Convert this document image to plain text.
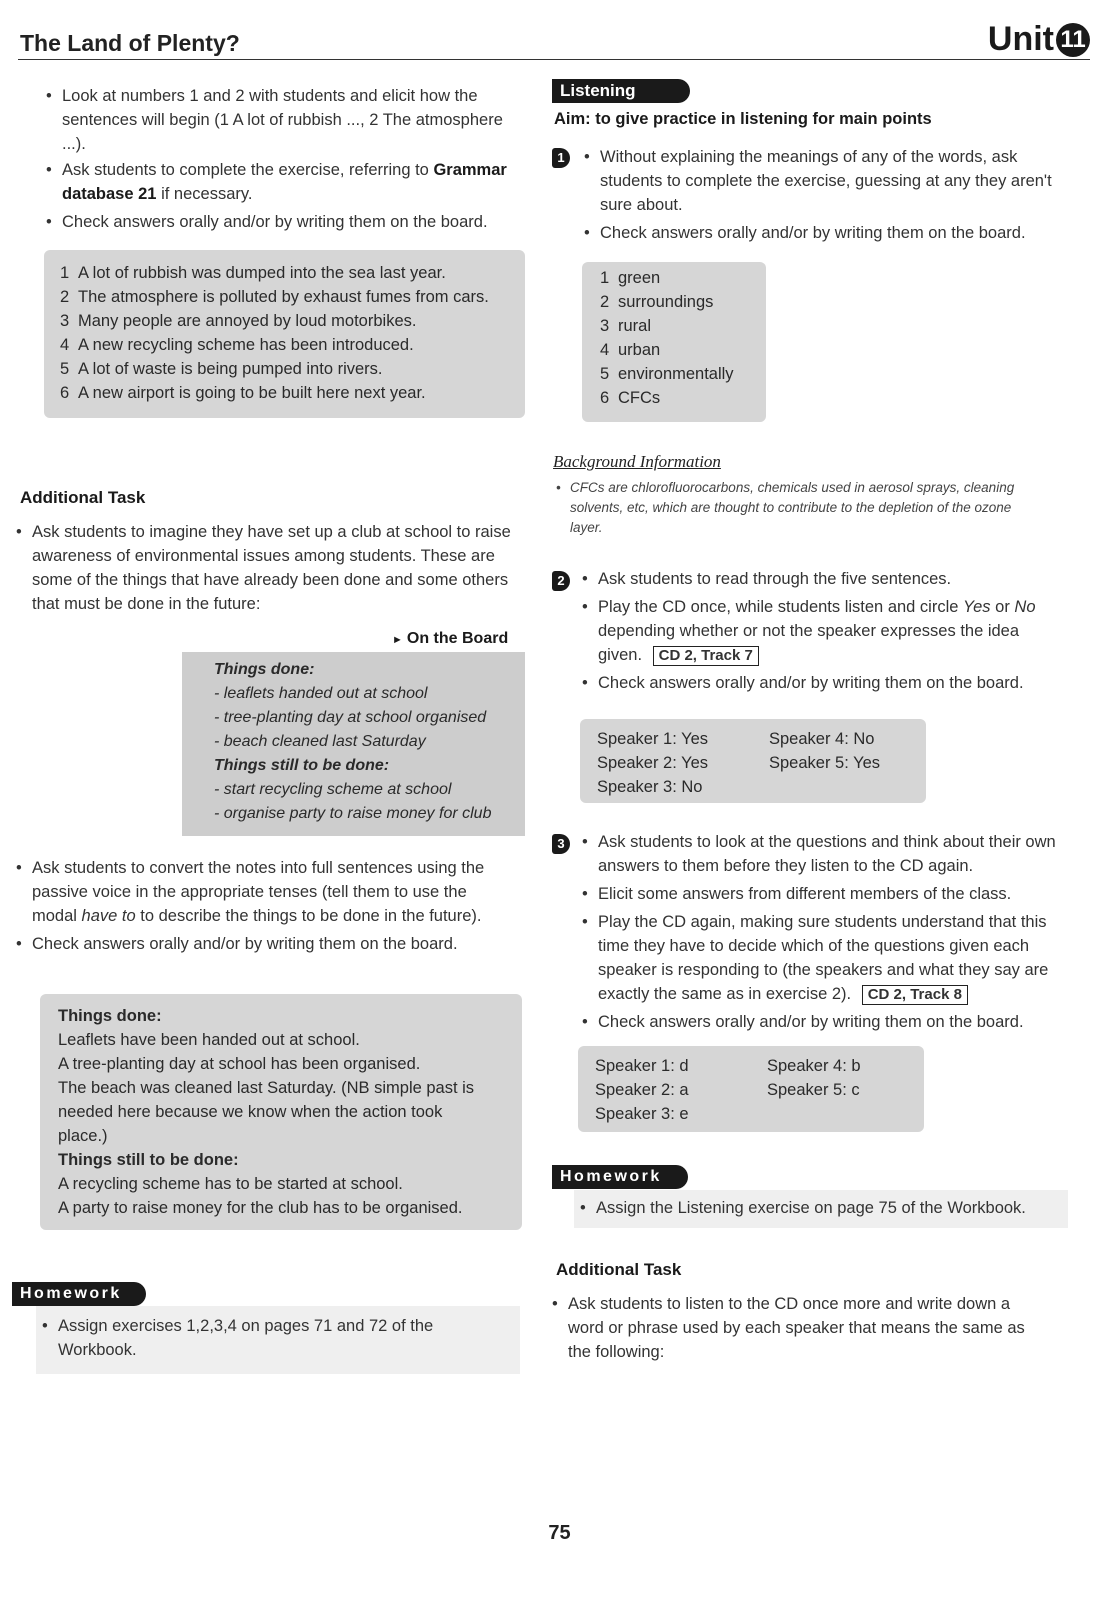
The Land of Plenty?	Unit 11
• Look at numbers 1 and 2 with students and elicit how the sentences will begin (1 A lot of rubbish ..., 2 The atmosphere ...).
• Ask students to complete the exercise, referring to Grammar database 21 if necessary.
• Check answers orally and/or by writing them on the board.
1 A lot of rubbish was dumped into the sea last year.
2 The atmosphere is polluted by exhaust fumes from cars.
3 Many people are annoyed by loud motorbikes.
4 A new recycling scheme has been introduced.
5 A lot of waste is being pumped into rivers.
6 A new airport is going to be built here next year.
Additional Task
• Ask students to imagine they have set up a club at school to raise awareness of environmental issues among students. These are some of the things that have already been done and some others that must be done in the future:
► On the Board

Things done:

- leaflets handed out at school

- tree-planting day at school organised

- beach cleaned last Saturday

Things still to be done:

- start recycling scheme at school

- organise party to raise money for club

• Ask students to convert the notes into full sentences using the passive voice in the appropriate tenses (tell them to use the modal have to to describe the things to be done in the future).
• Check answers orally and/or by writing them on the board.
Things done:
Leaflets have been handed out at school.
A tree-planting day at school has been organised.
The beach was cleaned last Saturday. (NB simple past is needed here because we know when the action took place.)
Things still to be done:
A recycling scheme has to be started at school.
A party to raise money for the club has to be organised.
Homework
• Assign exercises 1,2,3,4 on pages 71 and 72 of the Workbook.
Listening
Aim: to give practice in listening for main points
1	• Without explaining the meanings of any of the words, ask students to complete the exercise, guessing at any they aren't sure about.
• Check answers orally and/or by writing them on the board.
1 green
2 surroundings
3 rural
4 urban
5 environmentally
6 CFCs
Background Information
• CFCs are chlorofluorocarbons, chemicals used in aerosol sprays, cleaning solvents, etc, which are thought to contribute to the depletion of the ozone layer.
2	• Ask students to read through the five sentences.
• Play the CD once, while students listen and circle Yes or No depending whether or not the speaker expresses the idea given. CD 2, Track 7
• Check answers orally and/or by writing them on the board.
Speaker 1: Yes	Speaker 4: No
Speaker 2: Yes	Speaker 5: Yes
Speaker 3: No
3	• Ask students to look at the questions and think about their own answers to them before they listen to the CD again.
• Elicit some answers from different members of the class.
• Play the CD again, making sure students understand that this time they have to decide which of the questions given each speaker is responding to (the speakers and what they say are exactly the same as in exercise 2). CD 2, Track 8
• Check answers orally and/or by writing them on the board.
Speaker 1: d	Speaker 4: b
Speaker 2: a	Speaker 5: c
Speaker 3: e
Homework
• Assign the Listening exercise on page 75 of the Workbook.
Additional Task
• Ask students to listen to the CD once more and write down a word or phrase used by each speaker that means the same as the following:
75
